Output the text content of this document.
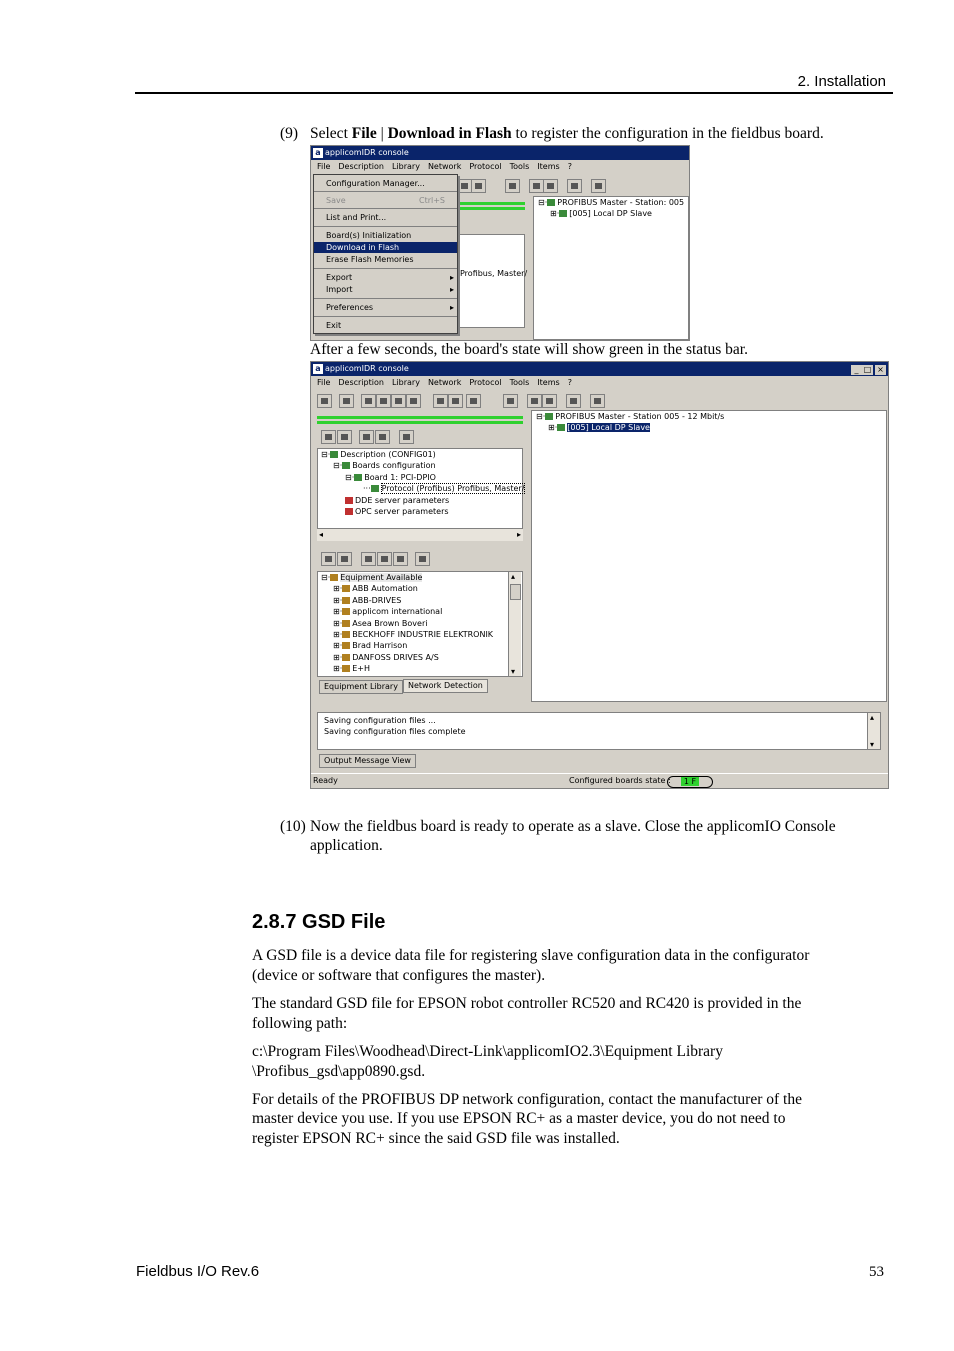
2. Installation
(9) Select File | Download in Flash to register the configuration in the fieldbus board.
a applicomIDR console
File Description Library Network Protocol Tools Items ?
Profibus, Master/
⊟· PROFIBUS Master - Station: 005
⊞· [005] Local DP Slave
Configuration Manager...
Save	Ctrl+S
List and Print...
Board(s) Initialization
Download in Flash
Erase Flash Memories
Export	▸
Import	▸
Preferences	▸
Exit
After a few seconds, the board's state will show green in the status bar.
a applicomIDR console	_ □ ×
File Description Library Network Protocol Tools Items ?
⊟· Description (CONFIG01)
⊟· Boards configuration
⊟· Board 1: PCI-DPIO
··· Protocol (Profibus) Profibus, Master/
DDE server parameters
OPC server parameters
◂	▸
⊟· Equipment Available
⊞· ABB Automation
⊞· ABB-DRIVES
⊞· applicom international
⊞· Asea Brown Boveri
⊞· BECKHOFF INDUSTRIE ELEKTRONIK
⊞· Brad Harrison
⊞· DANFOSS DRIVES A/S
⊞· E+H
▴
▾
Equipment Library	Network Detection
⊟· PROFIBUS Master - Station 005 - 12 Mbit/s
⊞· [005] Local DP Slave
Saving configuration files ...
Saving configuration files complete
▴
▾
Output Message View
Ready	Configured boards state :	1 F
(10) Now the fieldbus board is ready to operate as a slave. Close the applicomIO Console
application.
2.8.7 GSD File
A GSD file is a device data file for registering slave configuration data in the configurator
(device or software that configures the master).
The standard GSD file for EPSON robot controller RC520 and RC420 is provided in the
following path:
c:\Program Files\Woodhead\Direct-Link\applicomIO2.3\Equipment Library
\Profibus_gsd\app0890.gsd.
For details of the PROFIBUS DP network configuration, contact the manufacturer of the
master device you use. If you use EPSON RC+ as a master device, you do not need to
register EPSON RC+ since the said GSD file was installed.
Fieldbus I/O Rev.6	53
